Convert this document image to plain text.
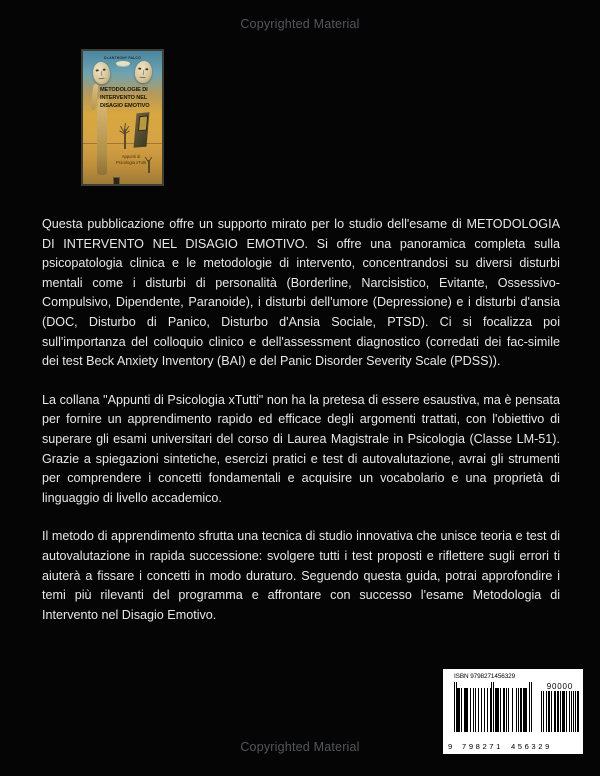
Copyrighted Material
Dr.ANTHONY FALCO
METODOLOGIE DI INTERVENTO NEL DISAGIO EMOTIVO
Appunti di
Psicologia xTutti

Questa pubblicazione offre un supporto mirato per lo studio dell'esame di METODOLOGIA DI INTERVENTO NEL DISAGIO EMOTIVO. Si offre una panoramica completa sulla psicopatologia clinica e le metodologie di intervento, concentrandosi su diversi disturbi mentali come i disturbi di personalità (Borderline, Narcisistico, Evitante, Ossessivo-Compulsivo, Dipendente, Paranoide), i disturbi dell'umore (Depressione) e i disturbi d'ansia (DOC, Disturbo di Panico, Disturbo d'Ansia Sociale, PTSD). Ci si focalizza poi sull'importanza del colloquio clinico e dell'assessment diagnostico (corredati dei fac-simile dei test Beck Anxiety Inventory (BAI) e del Panic Disorder Severity Scale (PDSS)).

La collana "Appunti di Psicologia xTutti" non ha la pretesa di essere esaustiva, ma è pensata per fornire un apprendimento rapido ed efficace degli argomenti trattati, con l'obiettivo di superare gli esami universitari del corso di Laurea Magistrale in Psicologia (Classe LM-51). Grazie a spiegazioni sintetiche, esercizi pratici e test di autovalutazione, avrai gli strumenti per comprendere i concetti fondamentali e acquisire un vocabolario e una proprietà di linguaggio di livello accademico.

Il metodo di apprendimento sfrutta una tecnica di studio innovativa che unisce teoria e test di autovalutazione in rapida successione: svolgere tutti i test proposti e riflettere sugli errori ti aiuterà a fissare i concetti in modo duraturo. Seguendo questa guida, potrai approfondire i temi più rilevanti del programma e affrontare con successo l'esame Metodologia di Intervento nel Disagio Emotivo.

ISBN 9798271456329
90000
9 798271 456329
Copyrighted Material
